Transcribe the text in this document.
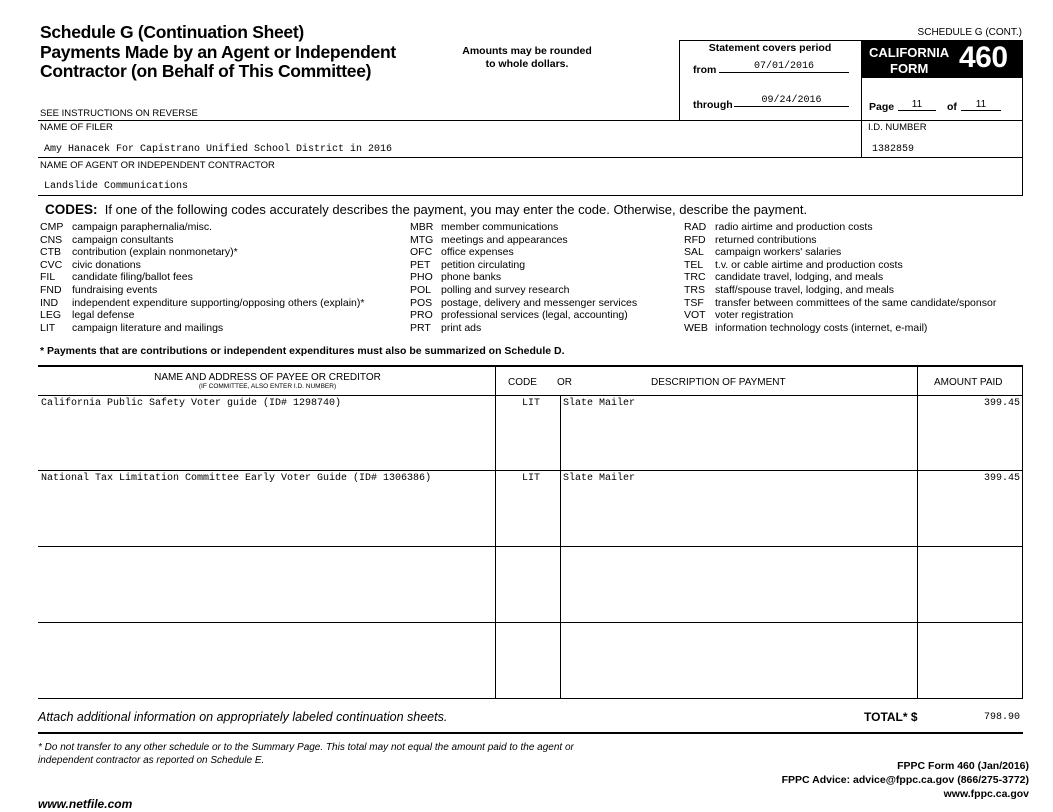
Schedule G (Continuation Sheet)
Payments Made by an Agent or Independent
Contractor (on Behalf of This Committee)
Amounts may be rounded
to whole dollars.
SCHEDULE G (CONT.)
Statement covers period
from	07/01/2016
through	09/24/2016
CALIFORNIA
FORM 460
Page	11	of	11
SEE INSTRUCTIONS ON REVERSE
NAME OF FILER
Amy Hanacek For Capistrano Unified School District in 2016
I.D. NUMBER
1382859
NAME OF AGENT OR INDEPENDENT CONTRACTOR
Landslide Communications
CODES: If one of the following codes accurately describes the payment, you may enter the code. Otherwise, describe the payment.
CMP campaign paraphernalia/misc.
CNS campaign consultants
CTB	contribution (explain nonmonetary)*
CVC civic donations
FIL	candidate filing/ballot fees
FND fundraising events
IND	independent expenditure supporting/opposing others (explain)*
LEG	legal defense
LIT	campaign literature and mailings
MBR member communications
MTG meetings and appearances
OFC office expenses
PET	petition circulating
PHO phone banks
POL polling and survey research
POS postage, delivery and messenger services
PRO professional services (legal, accounting)
PRT print ads
RAD radio airtime and production costs
RFD returned contributions
SAL	campaign workers' salaries
TEL	t.v. or cable airtime and production costs
TRC candidate travel, lodging, and meals
TRS staff/spouse travel, lodging, and meals
TSF	transfer between committees of the same candidate/sponsor
VOT voter registration
WEB information technology costs (internet, e-mail)
* Payments that are contributions or independent expenditures must also be summarized on Schedule D.
NAME AND ADDRESS OF PAYEE OR CREDITOR
(IF COMMITTEE, ALSO ENTER I.D. NUMBER)	CODE OR	DESCRIPTION OF PAYMENT	AMOUNT PAID
California Public Safety Voter guide (ID# 1298740)	LIT Slate Mailer	399.45
National Tax Limitation Committee Early Voter Guide (ID# 1306386)	LIT Slate Mailer	399.45
Attach additional information on appropriately labeled continuation sheets.	TOTAL* $	798.90
* Do not transfer to any other schedule or to the Summary Page. This total may not equal the amount paid to the agent or
independent contractor as reported on Schedule E.	FPPC Form 460 (Jan/2016)
FPPC Advice: advice@fppc.ca.gov (866/275-3772)
www.fppc.ca.gov
www.netfile.com
